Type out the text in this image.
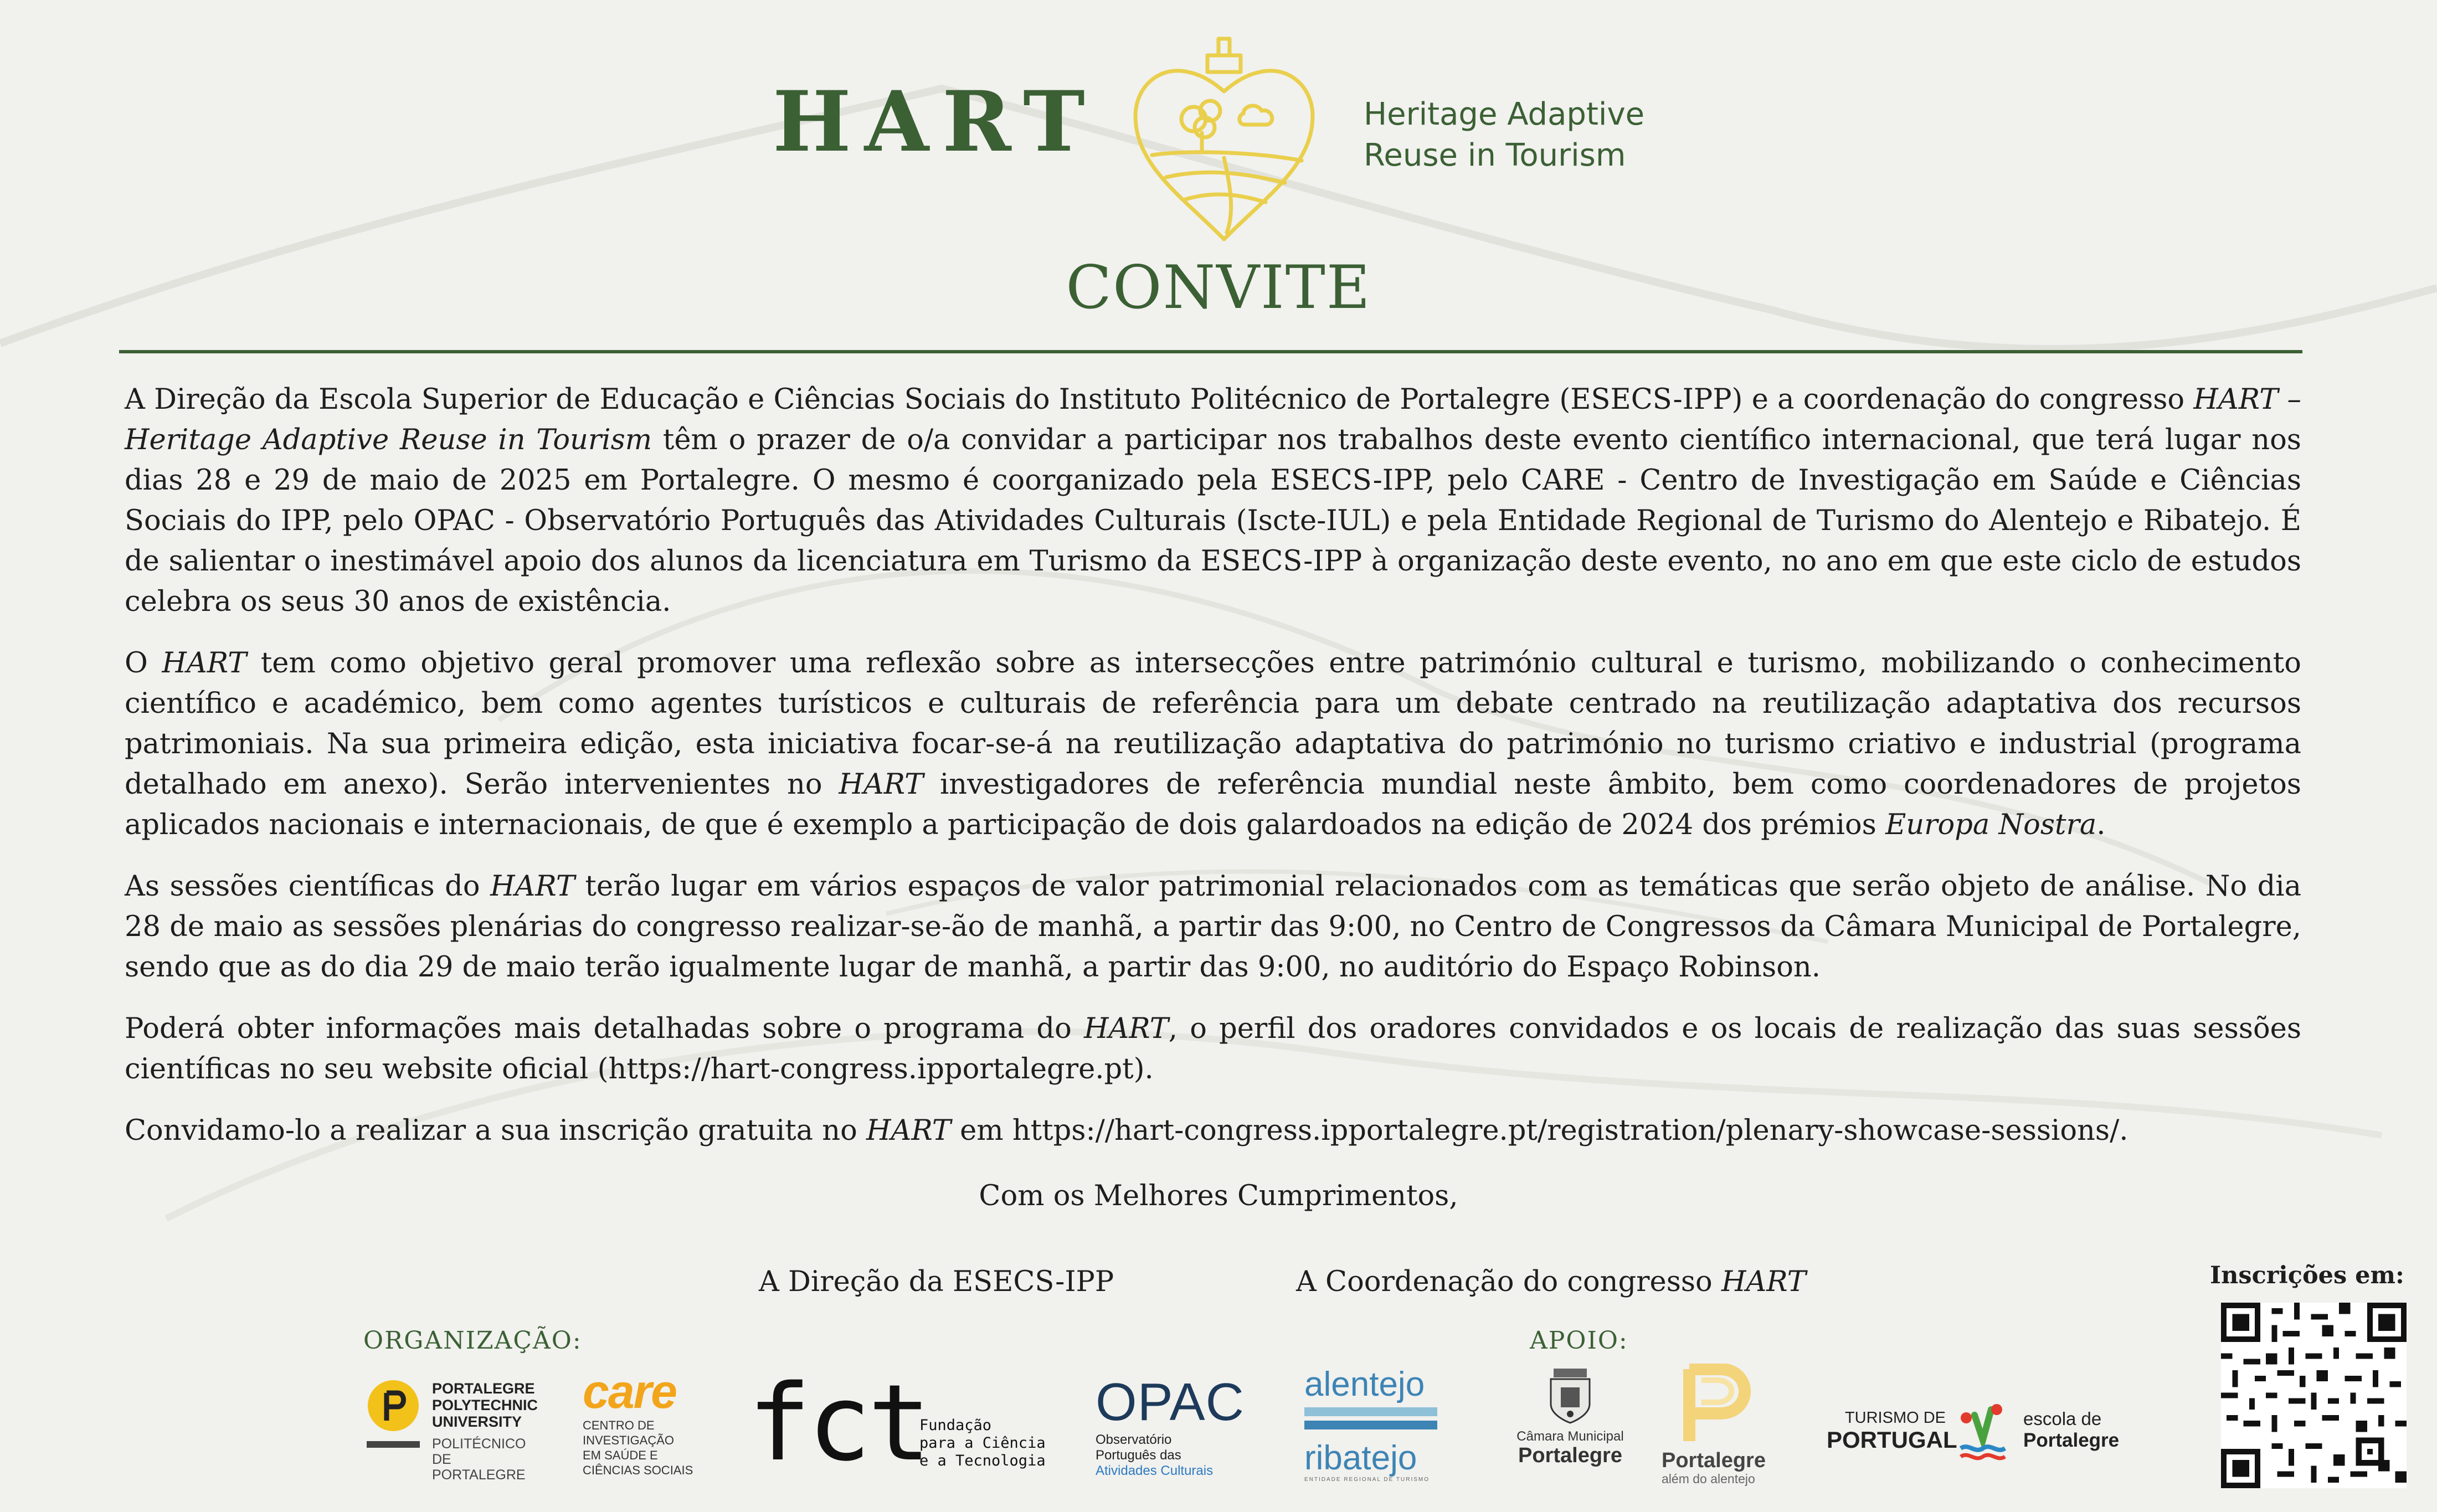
HART	Heritage Adaptive
Reuse in Tourism
CONVITE

A Direção da Escola Superior de Educação e Ciências Sociais do Instituto Politécnico de Portalegre (ESECS-IPP) e a coordenação do congresso HART – Heritage Adaptive Reuse in Tourism têm o prazer de o/a convidar a participar nos trabalhos deste evento científico internacional, que terá lugar nos dias 28 e 29 de maio de 2025 em Portalegre. O mesmo é coorganizado pela ESECS-IPP, pelo CARE - Centro de Investigação em Saúde e Ciências Sociais do IPP, pelo OPAC - Observatório Português das Atividades Culturais (Iscte-IUL) e pela Entidade Regional de Turismo do Alentejo e Ribatejo. É de salientar o inestimável apoio dos alunos da licenciatura em Turismo da ESECS-IPP à organização deste evento, no ano em que este ciclo de estudos celebra os seus 30 anos de existência.

O HART tem como objetivo geral promover uma reflexão sobre as intersecções entre património cultural e turismo, mobilizando o conhecimento científico e académico, bem como agentes turísticos e culturais de referência para um debate centrado na reutilização adaptativa dos recursos patrimoniais. Na sua primeira edição, esta iniciativa focar-se-á na reutilização adaptativa do património no turismo criativo e industrial (programa detalhado em anexo). Serão intervenientes no HART investigadores de referência mundial neste âmbito, bem como coordenadores de projetos aplicados nacionais e internacionais, de que é exemplo a participação de dois galardoados na edição de 2024 dos prémios Europa Nostra.

As sessões científicas do HART terão lugar em vários espaços de valor patrimonial relacionados com as temáticas que serão objeto de análise. No dia 28 de maio as sessões plenárias do congresso realizar-se-ão de manhã, a partir das 9:00, no Centro de Congressos da Câmara Municipal de Portalegre, sendo que as do dia 29 de maio terão igualmente lugar de manhã, a partir das 9:00, no auditório do Espaço Robinson.

Poderá obter informações mais detalhadas sobre o programa do HART, o perfil dos oradores convidados e os locais de realização das suas sessões científicas no seu website oficial (https://hart-congress.ipportalegre.pt).

Convidamo-lo a realizar a sua inscrição gratuita no HART em https://hart-congress.ipportalegre.pt/registration/plenary-showcase-sessions/.

Com os Melhores Cumprimentos,
A Direção da ESECS-IPP	A Coordenação do congresso HART
ORGANIZAÇÃO:	APOIO:
PORTALEGRE
POLYTECHNIC
UNIVERSITY
POLITÉCNICO
DE PORTALEGRE
care
CENTRO DE
INVESTIGAÇÃO
EM SAÚDE E
CIÊNCIAS SOCIAIS fct
Fundação
para a Ciência
e a Tecnologia
OPAC
Observatório
Português das
Atividades Culturais
alentejo
ribatejo
ENTIDADE REGIONAL DE TURISMO
Câmara Municipal
Portalegre	Portalegre
além do alentejo
TURISMO DE
PORTUGAL
escola de
Portalegre
Inscrições em:
